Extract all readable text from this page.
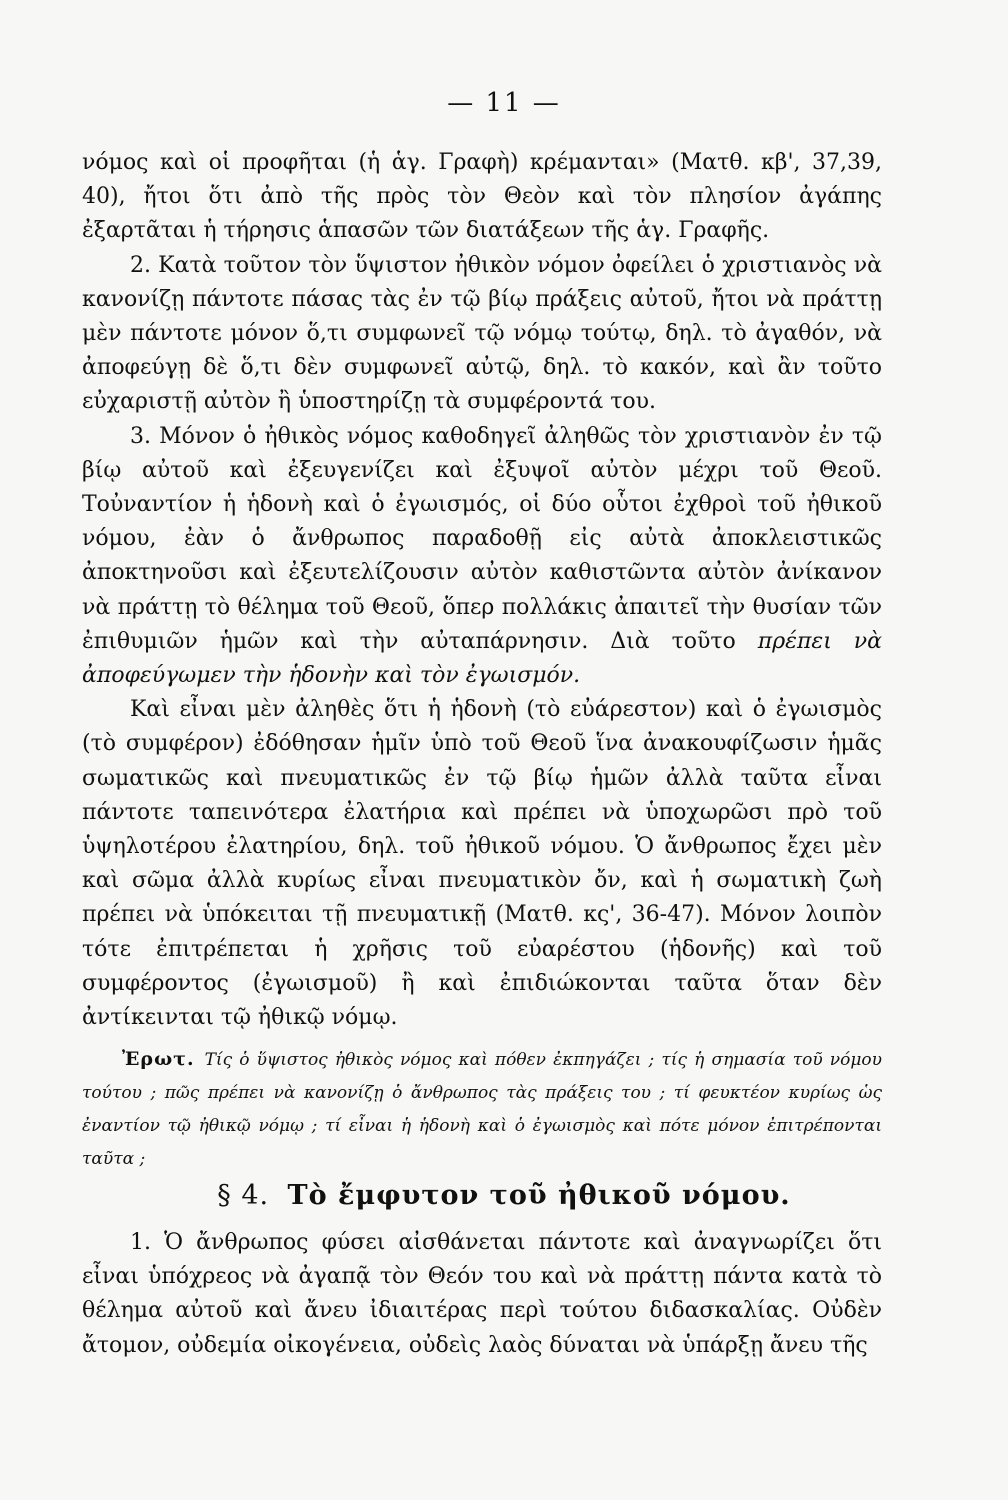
— 11 —

νόμος καὶ οἱ προφῆται (ἡ ἁγ. Γραφὴ) κρέμανται» (Ματθ. κβ', 37,39, 40), ἤτοι ὅτι ἀπὸ τῆς πρὸς τὸν Θεὸν καὶ τὸν πλησίον ἀγάπης ἐξαρτᾶται ἡ τήρησις ἁπασῶν τῶν διατάξεων τῆς ἁγ. Γραφῆς.

2. Κατὰ τοῦτον τὸν ὕψιστον ἠθικὸν νόμον ὀφείλει ὁ χριστιανὸς νὰ κανονίζῃ πάντοτε πάσας τὰς ἐν τῷ βίῳ πράξεις αὐτοῦ, ἤτοι νὰ πράττῃ μὲν πάντοτε μόνον ὅ,τι συμφωνεῖ τῷ νόμῳ τούτῳ, δηλ. τὸ ἀγαθόν, νὰ ἀποφεύγῃ δὲ ὅ,τι δὲν συμφωνεῖ αὐτῷ, δηλ. τὸ κακόν, καὶ ἂν τοῦτο εὐχαριστῇ αὐτὸν ἢ ὑποστηρίζῃ τὰ συμφέροντά του.

3. Μόνον ὁ ἠθικὸς νόμος καθοδηγεῖ ἀληθῶς τὸν χριστιανὸν ἐν τῷ βίῳ αὐτοῦ καὶ ἐξευγενίζει καὶ ἐξυψοῖ αὐτὸν μέχρι τοῦ Θεοῦ. Τοὐναντίον ἡ ἡδονὴ καὶ ὁ ἐγωισμός, οἱ δύο οὗτοι ἐχθροὶ τοῦ ἠθικοῦ νόμου, ἐὰν ὁ ἄνθρωπος παραδοθῇ εἰς αὐτὰ ἀποκλειστικῶς ἀποκτηνοῦσι καὶ ἐξευτελίζουσιν αὐτὸν καθιστῶντα αὐτὸν ἀνίκανον νὰ πράττῃ τὸ θέλημα τοῦ Θεοῦ, ὅπερ πολλάκις ἀπαιτεῖ τὴν θυσίαν τῶν ἐπιθυμιῶν ἡμῶν καὶ τὴν αὐταπάρνησιν. Διὰ τοῦτο πρέπει νὰ ἀποφεύγωμεν τὴν ἡδονὴν καὶ τὸν ἐγωισμόν.

Καὶ εἶναι μὲν ἀληθὲς ὅτι ἡ ἡδονὴ (τὸ εὐάρεστον) καὶ ὁ ἐγωισμὸς (τὸ συμφέρον) ἐδόθησαν ἡμῖν ὑπὸ τοῦ Θεοῦ ἵνα ἀνακουφίζωσιν ἡμᾶς σωματικῶς καὶ πνευματικῶς ἐν τῷ βίῳ ἡμῶν ἀλλὰ ταῦτα εἶναι πάντοτε ταπεινότερα ἐλατήρια καὶ πρέπει νὰ ὑποχωρῶσι πρὸ τοῦ ὑψηλοτέρου ἐλατηρίου, δηλ. τοῦ ἠθικοῦ νόμου. Ὁ ἄνθρωπος ἔχει μὲν καὶ σῶμα ἀλλὰ κυρίως εἶναι πνευματικὸν ὄν, καὶ ἡ σωματικὴ ζωὴ πρέπει νὰ ὑπόκειται τῇ πνευματικῇ (Ματθ. κς', 36-47). Μόνον λοιπὸν τότε ἐπιτρέπεται ἡ χρῆσις τοῦ εὐαρέστου (ἡδονῆς) καὶ τοῦ συμφέροντος (ἐγωισμοῦ) ἢ καὶ ἐπιδιώκονται ταῦτα ὅταν δὲν ἀντίκεινται τῷ ἠθικῷ νόμῳ.

Ἐρωτ. Τίς ὁ ὕψιστος ἠθικὸς νόμος καὶ πόθεν ἐκπηγάζει ; τίς ἡ σημασία τοῦ νόμου τούτου ; πῶς πρέπει νὰ κανονίζῃ ὁ ἄνθρωπος τὰς πράξεις του ; τί φευκτέον κυρίως ὡς ἐναντίον τῷ ἠθικῷ νόμῳ ; τί εἶναι ἡ ἡδονὴ καὶ ὁ ἐγωισμὸς καὶ πότε μόνον ἐπιτρέπονται ταῦτα ;
§ 4. Τὸ ἔμφυτον τοῦ ἠθικοῦ νόμου.

1. Ὁ ἄνθρωπος φύσει αἰσθάνεται πάντοτε καὶ ἀναγνωρίζει ὅτι εἶναι ὑπόχρεος νὰ ἀγαπᾷ τὸν Θεόν του καὶ νὰ πράττῃ πάντα κατὰ τὸ θέλημα αὐτοῦ καὶ ἄνευ ἰδιαιτέρας περὶ τούτου διδασκαλίας. Οὐδὲν ἄτομον, οὐδεμία οἰκογένεια, οὐδεὶς λαὸς δύναται νὰ ὑπάρξῃ ἄνευ τῆς
